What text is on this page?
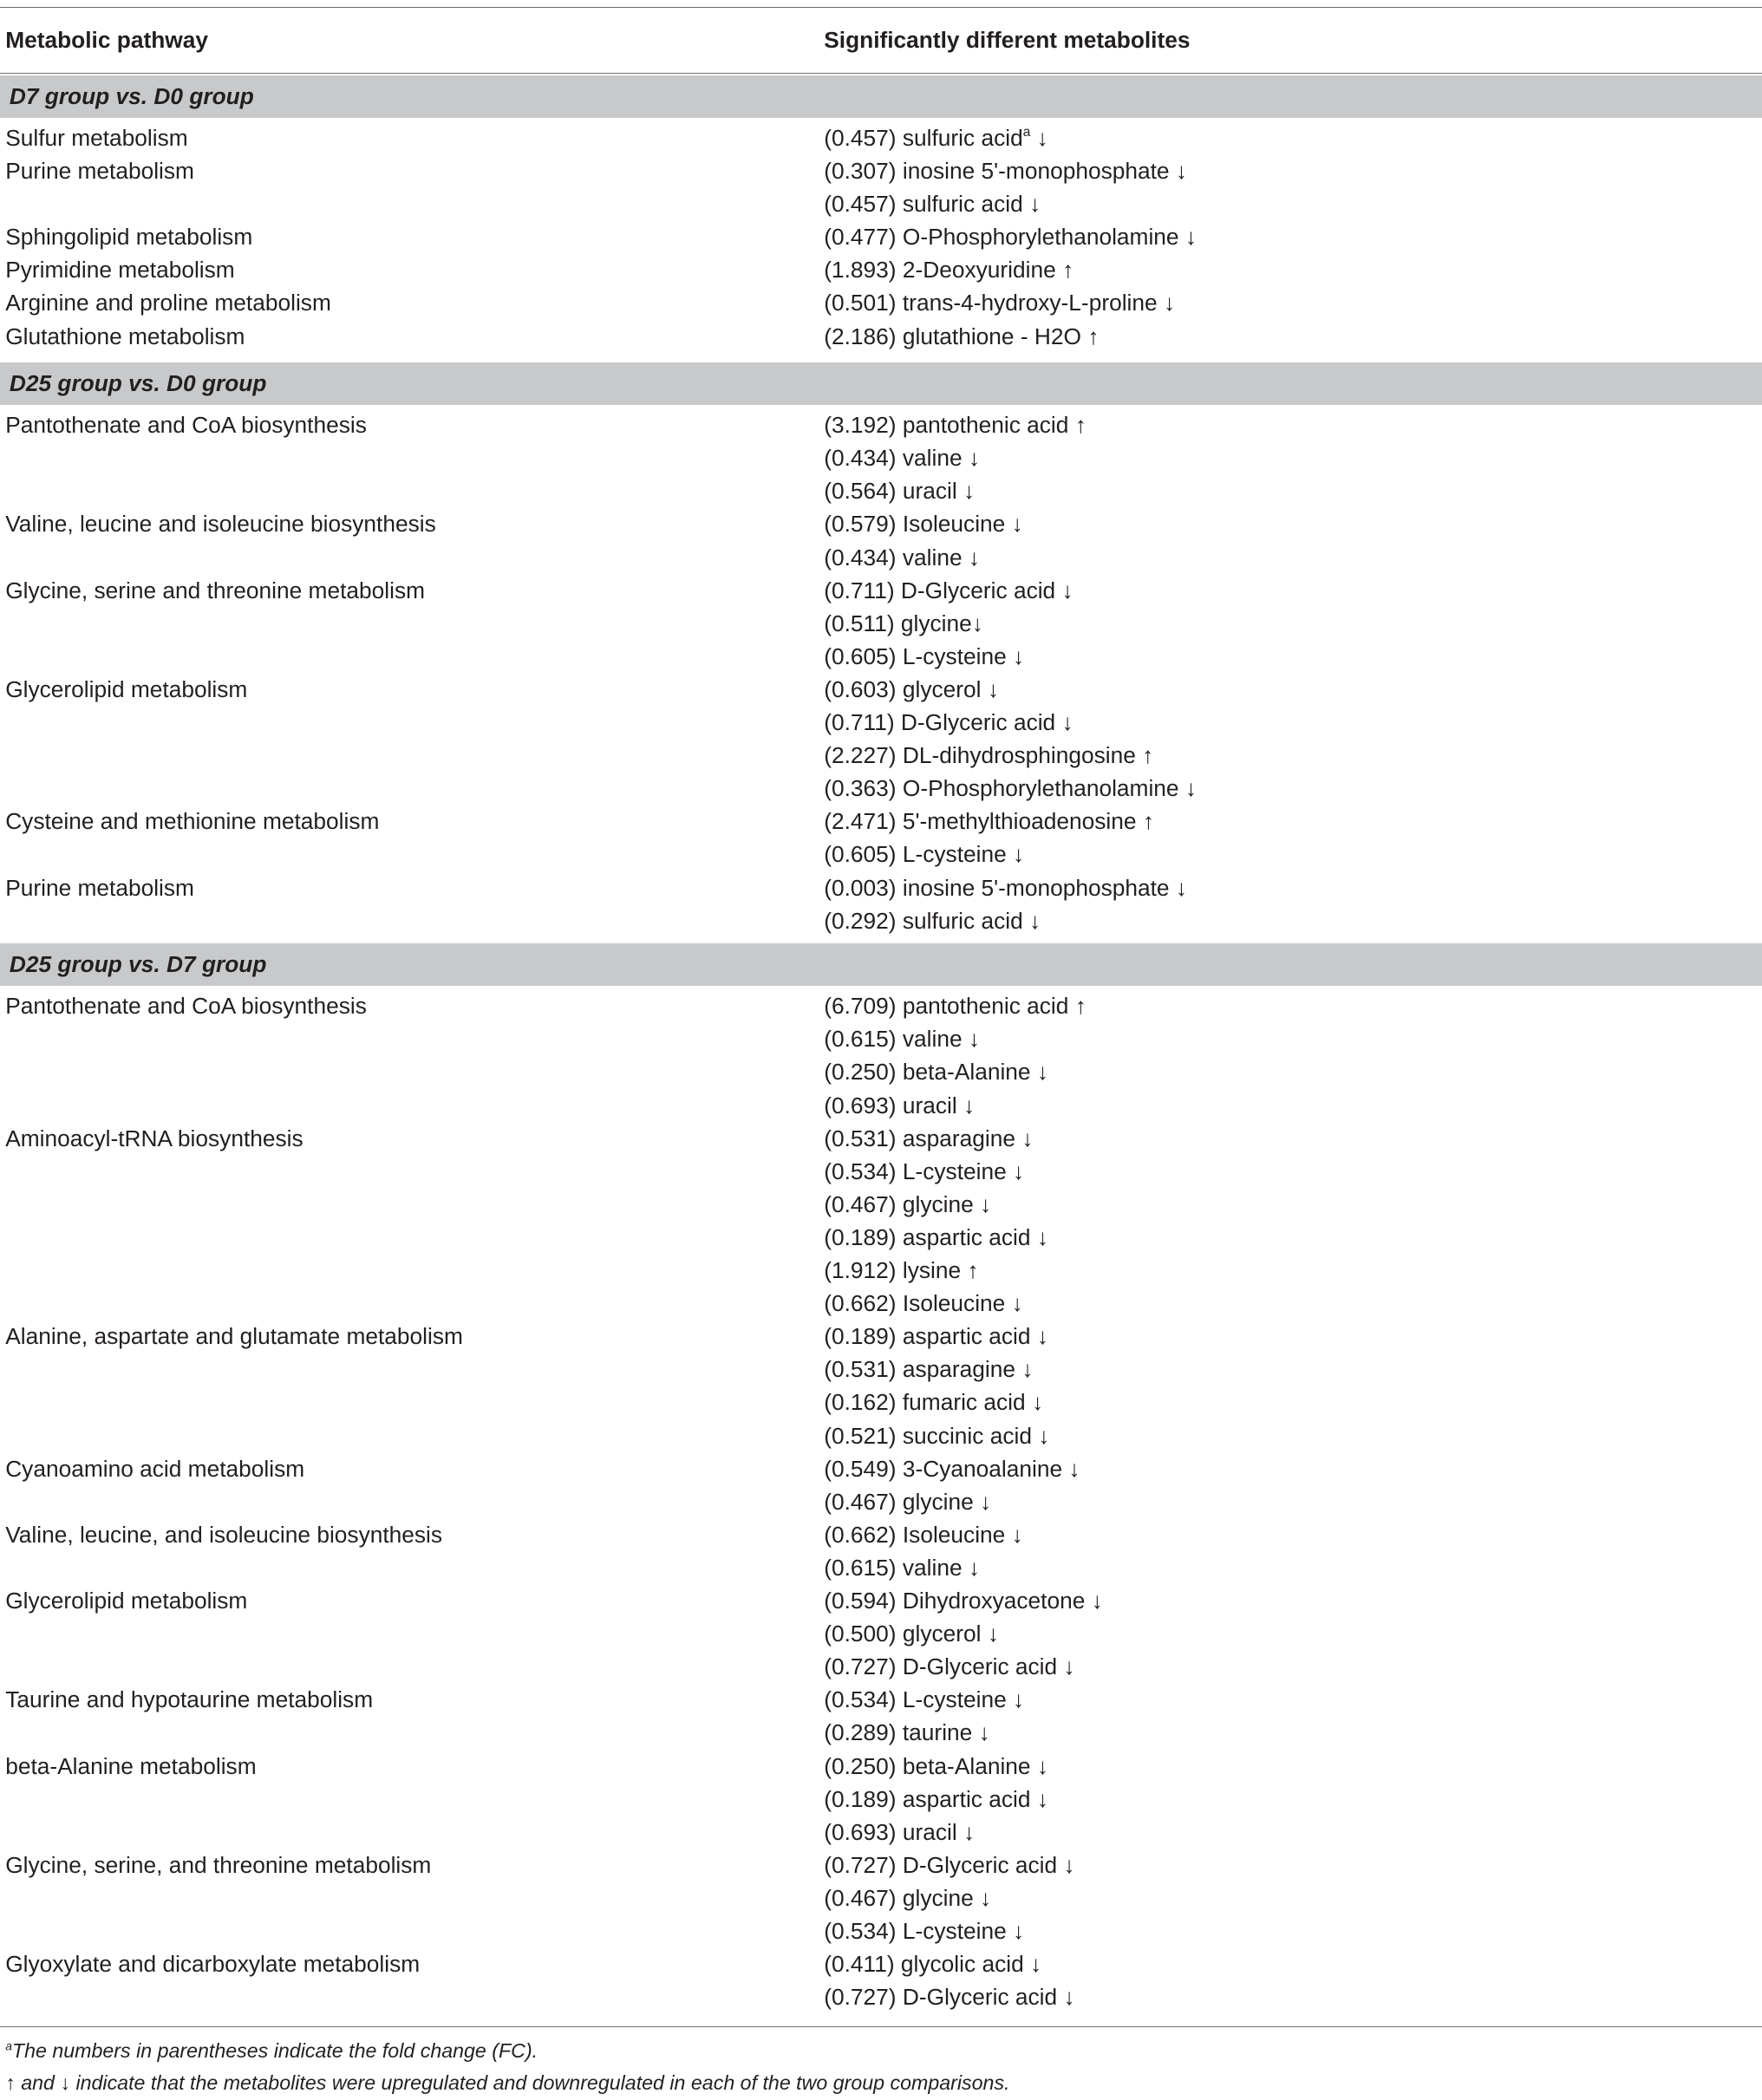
Metabolic pathway	Significantly different metabolites
D7 group vs. D0 group
Sulfur metabolism	(0.457) sulfuric acid$^a$ ↓
Purine metabolism	(0.307) inosine 5'-monophosphate ↓
(0.457) sulfuric acid ↓
Sphingolipid metabolism	(0.477) O-Phosphorylethanolamine ↓
Pyrimidine metabolism	(1.893) 2-Deoxyuridine ↑
Arginine and proline metabolism	(0.501) trans-4-hydroxy-L-proline ↓
Glutathione metabolism	(2.186) glutathione - H2O ↑
D25 group vs. D0 group
Pantothenate and CoA biosynthesis	(3.192) pantothenic acid ↑
(0.434) valine ↓
(0.564) uracil ↓
Valine, leucine and isoleucine biosynthesis	(0.579) Isoleucine ↓
(0.434) valine ↓
Glycine, serine and threonine metabolism	(0.711) D-Glyceric acid ↓
(0.511) glycine↓
(0.605) L-cysteine ↓
Glycerolipid metabolism	(0.603) glycerol ↓
(0.711) D-Glyceric acid ↓
(2.227) DL-dihydrosphingosine ↑
(0.363) O-Phosphorylethanolamine ↓
Cysteine and methionine metabolism	(2.471) 5'-methylthioadenosine ↑
(0.605) L-cysteine ↓
Purine metabolism	(0.003) inosine 5'-monophosphate ↓
(0.292) sulfuric acid ↓
D25 group vs. D7 group
Pantothenate and CoA biosynthesis	(6.709) pantothenic acid ↑
(0.615) valine ↓
(0.250) beta-Alanine ↓
(0.693) uracil ↓
Aminoacyl-tRNA biosynthesis	(0.531) asparagine ↓
(0.534) L-cysteine ↓
(0.467) glycine ↓
(0.189) aspartic acid ↓
(1.912) lysine ↑
(0.662) Isoleucine ↓
Alanine, aspartate and glutamate metabolism	(0.189) aspartic acid ↓
(0.531) asparagine ↓
(0.162) fumaric acid ↓
(0.521) succinic acid ↓
Cyanoamino acid metabolism	(0.549) 3-Cyanoalanine ↓
(0.467) glycine ↓
Valine, leucine, and isoleucine biosynthesis	(0.662) Isoleucine ↓
(0.615) valine ↓
Glycerolipid metabolism	(0.594) Dihydroxyacetone ↓
(0.500) glycerol ↓
(0.727) D-Glyceric acid ↓
Taurine and hypotaurine metabolism	(0.534) L-cysteine ↓
(0.289) taurine ↓
beta-Alanine metabolism	(0.250) beta-Alanine ↓
(0.189) aspartic acid ↓
(0.693) uracil ↓
Glycine, serine, and threonine metabolism	(0.727) D-Glyceric acid ↓
(0.467) glycine ↓
(0.534) L-cysteine ↓
Glyoxylate and dicarboxylate metabolism	(0.411) glycolic acid ↓
(0.727) D-Glyceric acid ↓
$^a$The numbers in parentheses indicate the fold change (FC).
↑ and ↓ indicate that the metabolites were upregulated and downregulated in each of the two group comparisons.
